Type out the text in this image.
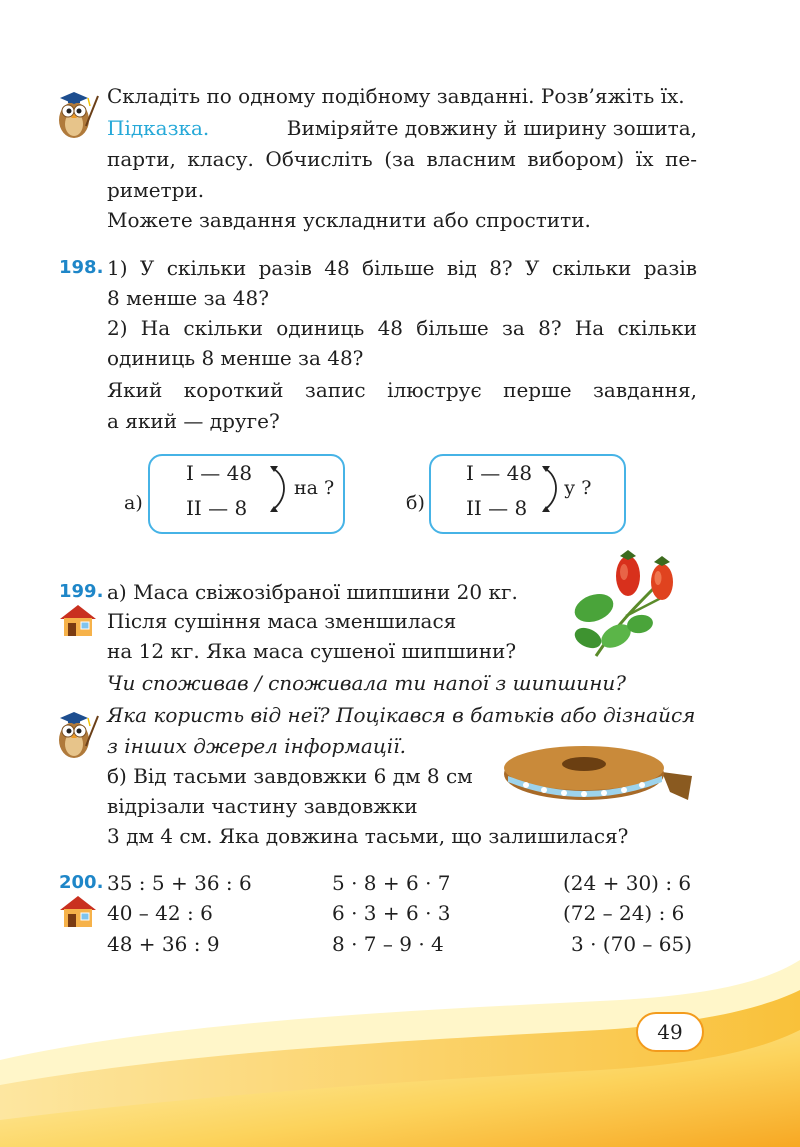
Складіть по одному подібному завданні. Розв’яжіть їх.
Підказка.	Виміряйте довжину й ширину зошита,
парти, класу. Обчисліть (за власним вибором) їх пе-
риметри.
Можете завдання ускладнити або спростити.
198. 1) У скільки разів 48 більше від 8? У скільки разів
8 менше за 48?
2) На скільки одиниць 48 більше за 8? На скільки
одиниць 8 менше за 48?
Який короткий запис ілюструє перше завдання,
а який — друге?
а)
I — 48
II — 8
на ?
б)
I — 48
II — 8
у ?
199. а) Маса свіжозібраної шипшини 20 кг.
Після сушіння маса зменшилася
на 12 кг. Яка маса сушеної шипшини?
Чи споживав / споживала ти напої з шипшини?
Яка користь від неї? Поцікався в батьків або дізнайся
з інших джерел інформації.
б) Від тасьми завдовжки 6 дм 8 см
відрізали частину завдовжки
3 дм 4 см. Яка довжина тасьми, що залишилася?
200. 35 : 5 + 36 : 6
40 – 42 : 6
48 + 36 : 9
5 · 8 + 6 · 7
6 · 3 + 6 · 3
8 · 7 – 9 · 4
(24 + 30) : 6
(72 – 24) : 6
3 · (70 – 65)
49
